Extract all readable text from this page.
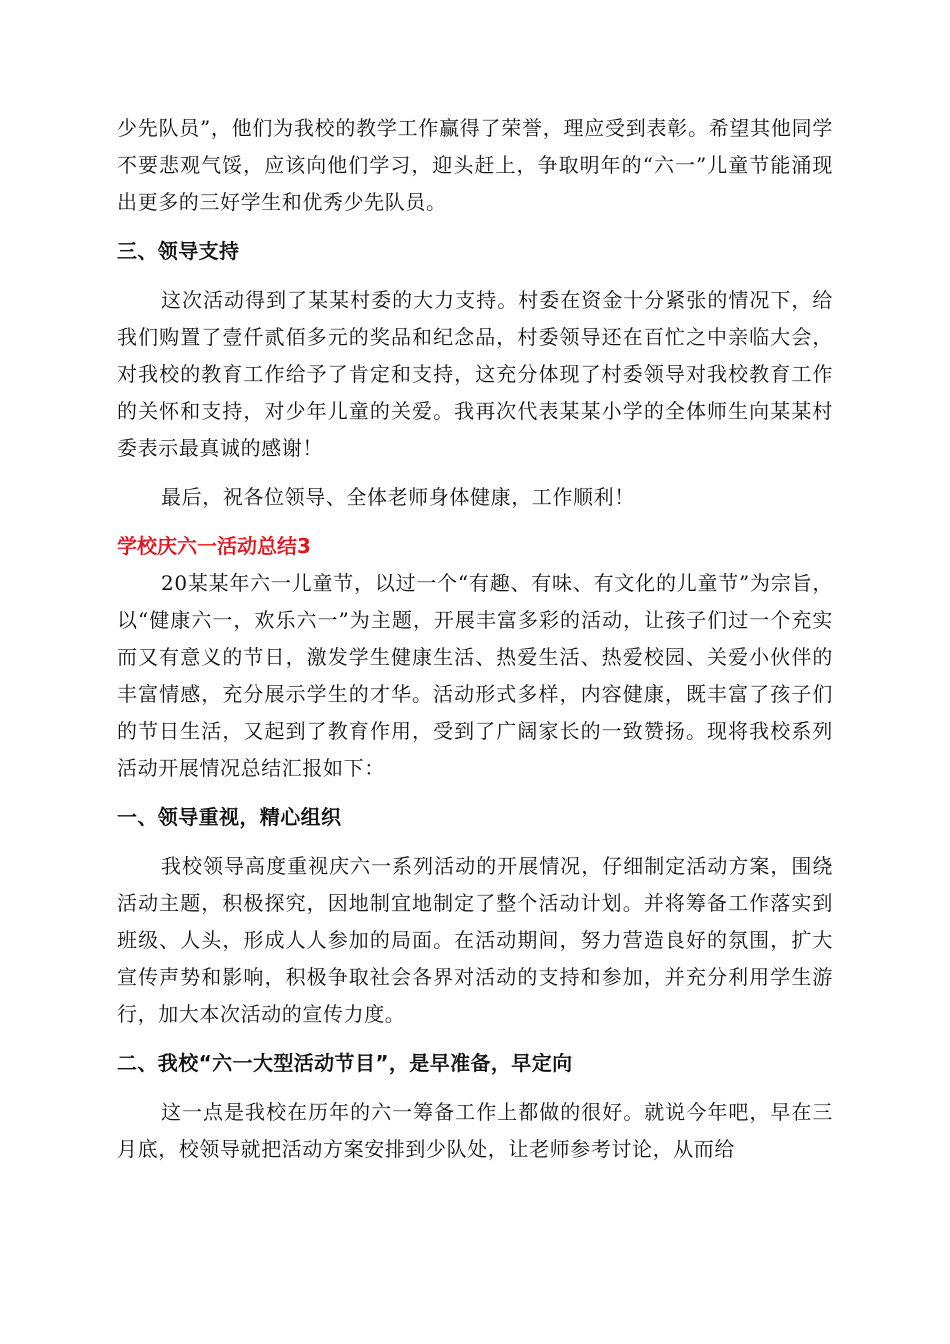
少先队员”，他们为我校的教学工作赢得了荣誉，理应受到表彰。希望其他同学不要悲观气馁，应该向他们学习，迎头赶上，争取明年的“六一”儿童节能涌现出更多的三好学生和优秀少先队员。

三、领导支持

这次活动得到了某某村委的大力支持。村委在资金十分紧张的情况下，给我们购置了壹仟贰佰多元的奖品和纪念品，村委领导还在百忙之中亲临大会，对我校的教育工作给予了肯定和支持，这充分体现了村委领导对我校教育工作的关怀和支持，对少年儿童的关爱。我再次代表某某小学的全体师生向某某村委表示最真诚的感谢！

最后，祝各位领导、全体老师身体健康，工作顺利！

学校庆六一活动总结3

20某某年六一儿童节，以过一个“有趣、有味、有文化的儿童节”为宗旨，以“健康六一，欢乐六一”为主题，开展丰富多彩的活动，让孩子们过一个充实而又有意义的节日，激发学生健康生活、热爱生活、热爱校园、关爱小伙伴的丰富情感，充分展示学生的才华。活动形式多样，内容健康，既丰富了孩子们的节日生活，又起到了教育作用，受到了广阔家长的一致赞扬。现将我校系列活动开展情况总结汇报如下：

一、领导重视，精心组织

我校领导高度重视庆六一系列活动的开展情况，仔细制定活动方案，围绕活动主题，积极探究，因地制宜地制定了整个活动计划。并将筹备工作落实到班级、人头，形成人人参加的局面。在活动期间，努力营造良好的氛围，扩大宣传声势和影响，积极争取社会各界对活动的支持和参加，并充分利用学生游行，加大本次活动的宣传力度。

二、我校“六一大型活动节目”，是早准备，早定向

这一点是我校在历年的六一筹备工作上都做的很好。就说今年吧，早在三月底，校领导就把活动方案安排到少队处，让老师参考讨论，从而给
